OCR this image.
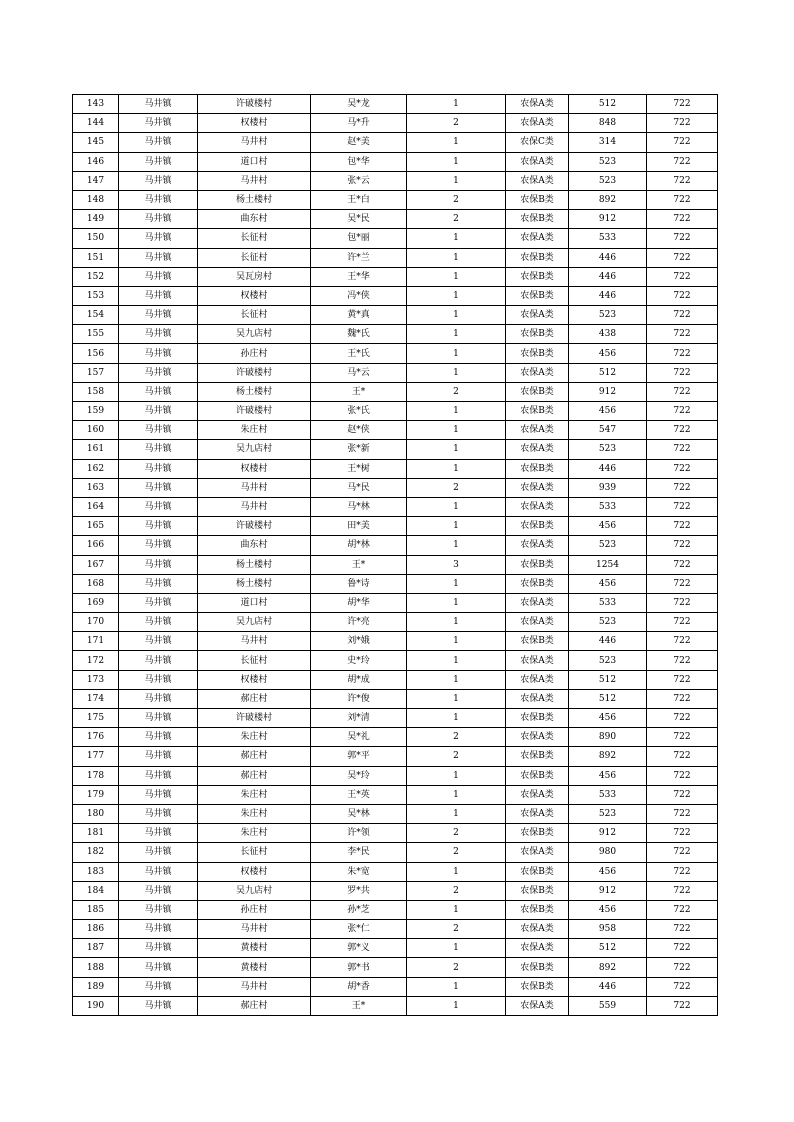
143	马井镇	许破楼村	吴*龙	1	农保A类	512	722
144	马井镇	权楼村	马*升	2	农保A类	848	722
145	马井镇	马井村	赵*美	1	农保C类	314	722
146	马井镇	道口村	包*华	1	农保A类	523	722
147	马井镇	马井村	张*云	1	农保A类	523	722
148	马井镇	杨土楼村	王*白	2	农保B类	892	722
149	马井镇	曲东村	吴*民	2	农保B类	912	722
150	马井镇	长征村	包*丽	1	农保A类	533	722
151	马井镇	长征村	许*兰	1	农保B类	446	722
152	马井镇	吴瓦房村	王*华	1	农保B类	446	722
153	马井镇	权楼村	冯*侠	1	农保B类	446	722
154	马井镇	长征村	黄*真	1	农保A类	523	722
155	马井镇	吴九店村	魏*氏	1	农保B类	438	722
156	马井镇	孙庄村	王*氏	1	农保B类	456	722
157	马井镇	许破楼村	马*云	1	农保A类	512	722
158	马井镇	杨土楼村	王*	2	农保B类	912	722
159	马井镇	许破楼村	张*氏	1	农保B类	456	722
160	马井镇	朱庄村	赵*侠	1	农保A类	547	722
161	马井镇	吴九店村	张*新	1	农保A类	523	722
162	马井镇	权楼村	王*树	1	农保B类	446	722
163	马井镇	马井村	马*民	2	农保A类	939	722
164	马井镇	马井村	马*林	1	农保A类	533	722
165	马井镇	许破楼村	田*美	1	农保B类	456	722
166	马井镇	曲东村	胡*林	1	农保A类	523	722
167	马井镇	杨土楼村	王*	3	农保B类	1254	722
168	马井镇	杨土楼村	鲁*诗	1	农保B类	456	722
169	马井镇	道口村	胡*华	1	农保A类	533	722
170	马井镇	吴九店村	许*亮	1	农保A类	523	722
171	马井镇	马井村	刘*娥	1	农保B类	446	722
172	马井镇	长征村	史*玲	1	农保A类	523	722
173	马井镇	权楼村	胡*成	1	农保A类	512	722
174	马井镇	郝庄村	许*俊	1	农保A类	512	722
175	马井镇	许破楼村	刘*清	1	农保B类	456	722
176	马井镇	朱庄村	吴*礼	2	农保A类	890	722
177	马井镇	郝庄村	郭*平	2	农保B类	892	722
178	马井镇	郝庄村	吴*玲	1	农保B类	456	722
179	马井镇	朱庄村	王*英	1	农保A类	533	722
180	马井镇	朱庄村	吴*林	1	农保A类	523	722
181	马井镇	朱庄村	许*领	2	农保B类	912	722
182	马井镇	长征村	李*民	2	农保A类	980	722
183	马井镇	权楼村	朱*宽	1	农保B类	456	722
184	马井镇	吴九店村	罗*共	2	农保B类	912	722
185	马井镇	孙庄村	孙*芝	1	农保B类	456	722
186	马井镇	马井村	张*仁	2	农保A类	958	722
187	马井镇	黄楼村	郭*义	1	农保A类	512	722
188	马井镇	黄楼村	郭*书	2	农保B类	892	722
189	马井镇	马井村	胡*香	1	农保B类	446	722
190	马井镇	郝庄村	王*	1	农保A类	559	722
